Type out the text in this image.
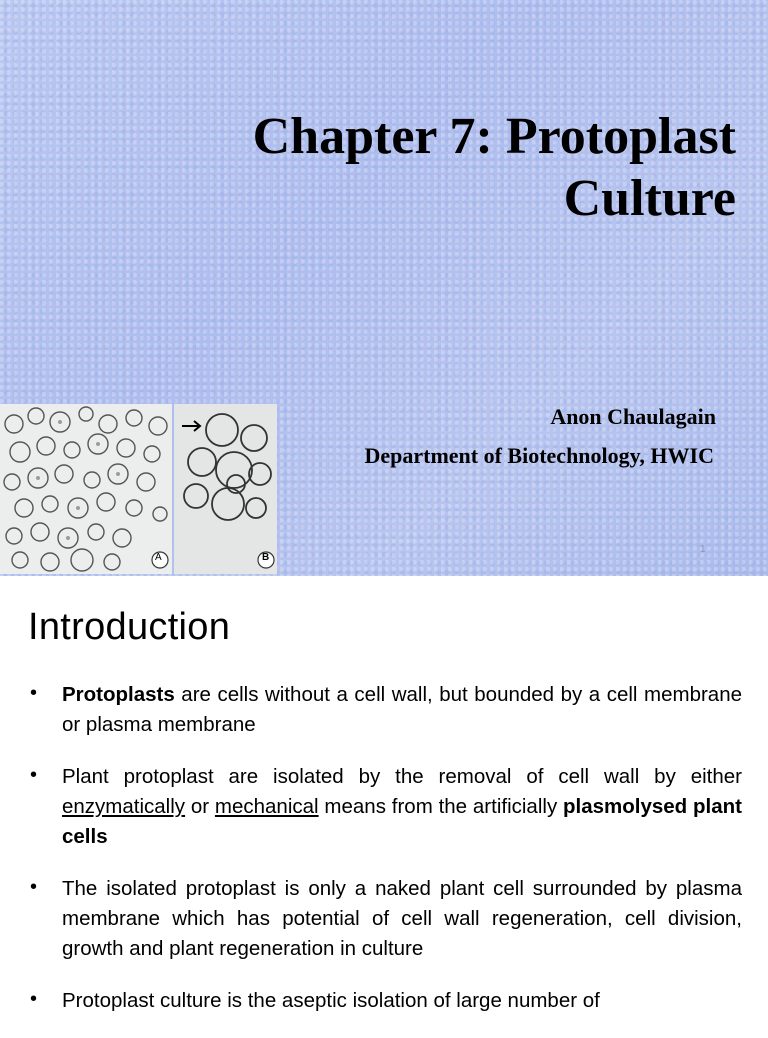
Chapter 7: Protoplast Culture
A	B
Anon Chaulagain
Department of Biotechnology, HWIC
1
Introduction
• Protoplasts are cells without a cell wall, but bounded by a cell membrane or plasma membrane
• Plant protoplast are isolated by the removal of cell wall by either enzymatically or mechanical means from the artificially plasmolysed plant cells
• The isolated protoplast is only a naked plant cell surrounded by plasma membrane which has potential of cell wall regeneration, cell division, growth and plant regeneration in culture
• Protoplast culture is the aseptic isolation of large number of
